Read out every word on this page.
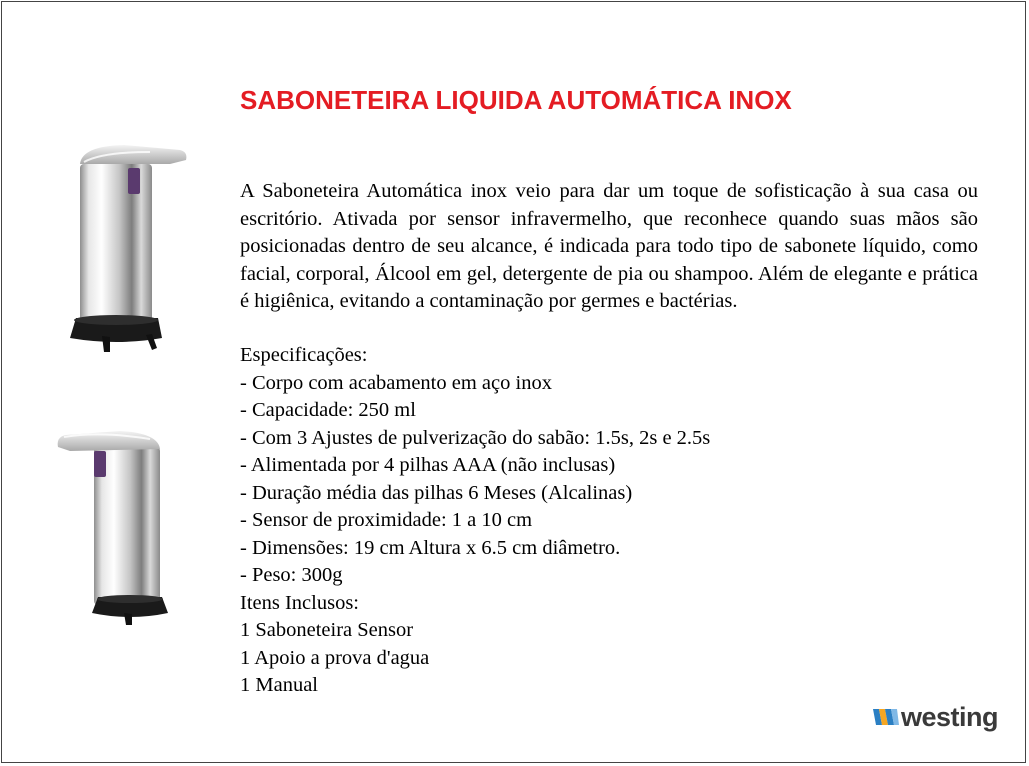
SABONETEIRA LIQUIDA AUTOMÁTICA INOX

A Saboneteira Automática inox veio para dar um toque de sofisticação à sua casa ou escritório. Ativada por sensor infravermelho, que reconhece quando suas mãos são posicionadas dentro de seu alcance, é indicada para todo tipo de sabonete líquido, como facial, corporal, Álcool em gel, detergente de pia ou shampoo. Além de elegante e prática é higiênica, evitando a contaminação por germes e bactérias.

Especificações:
- Corpo com acabamento em aço inox
- Capacidade: 250 ml
- Com 3 Ajustes de pulverização do sabão: 1.5s, 2s e 2.5s
- Alimentada por 4 pilhas AAA (não inclusas)
- Duração média das pilhas 6 Meses (Alcalinas)
- Sensor de proximidade: 1 a 10 cm
- Dimensões: 19 cm Altura x 6.5 cm diâmetro.
- Peso: 300g
Itens Inclusos:
1 Saboneteira Sensor
1 Apoio a prova d'agua
1 Manual
westing
